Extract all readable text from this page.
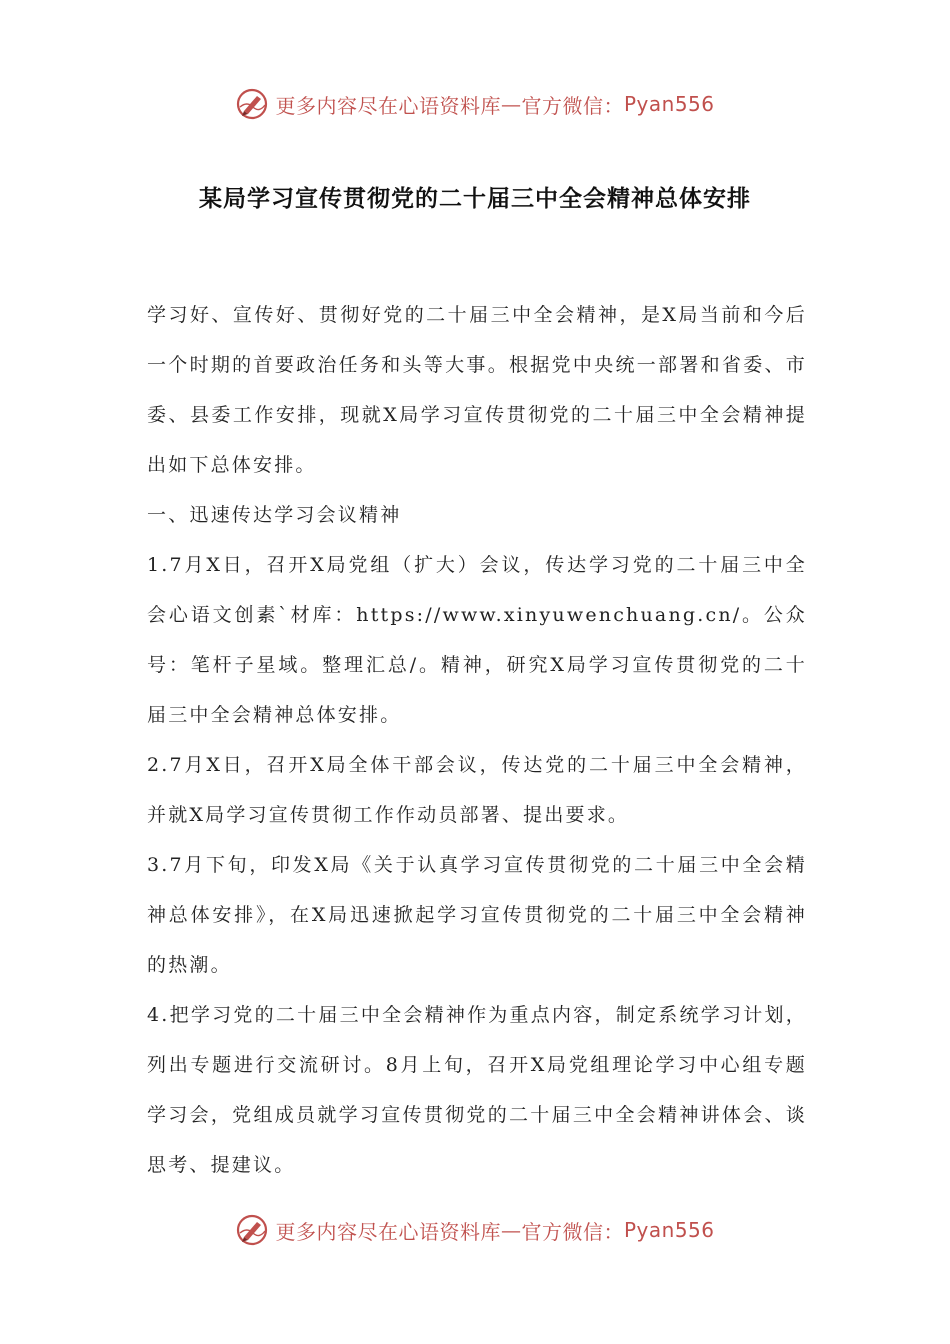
更多内容尽在心语资料库 — 官方微信： Pyan556
某局学习宣传贯彻党的二十届三中全会精神总体安排

学习好、宣传好、贯彻好党的二十届三中全会精神，是X局当前和今后一个时期的首要政治任务和头等大事。根据党中央统一部署和省委、市委、县委工作安排，现就X局学习宣传贯彻党的二十届三中全会精神提出如下总体安排。

一、迅速传达学习会议精神

1.7月X日，召开X局党组（扩大）会议，传达学习党的二十届三中全会心语文创素`材库：https://www.xinyuwenchuang.cn/。公众号：笔杆子星域。整理汇总/。精神，研究X局学习宣传贯彻党的二十届三中全会精神总体安排。

2.7月X日，召开X局全体干部会议，传达党的二十届三中全会精神，并就X局学习宣传贯彻工作作动员部署、提出要求。

3.7月下旬，印发X局《关于认真学习宣传贯彻党的二十届三中全会精神总体安排》，在X局迅速掀起学习宣传贯彻党的二十届三中全会精神的热潮。

4.把学习党的二十届三中全会精神作为重点内容，制定系统学习计划，列出专题进行交流研讨。8月上旬，召开X局党组理论学习中心组专题学习会，党组成员就学习宣传贯彻党的二十届三中全会精神讲体会、谈思考、提建议。

更多内容尽在心语资料库 — 官方微信： Pyan556
